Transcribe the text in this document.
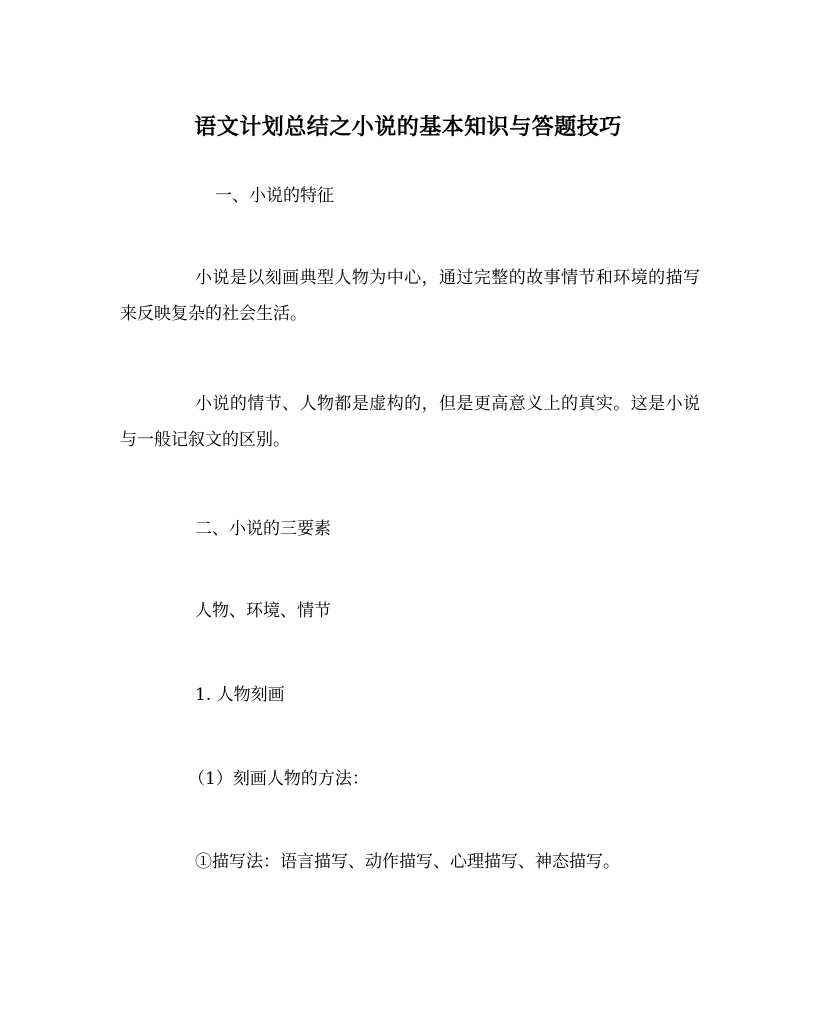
语文计划总结之小说的基本知识与答题技巧
一、小说的特征
小说是以刻画典型人物为中心，通过完整的故事情节和环境的描写来反映复杂的社会生活。
小说的情节、人物都是虚构的，但是更高意义上的真实。这是小说与一般记叙文的区别。
二、小说的三要素
人物、环境、情节
1. 人物刻画
（1）刻画人物的方法：
①描写法：语言描写、动作描写、心理描写、神态描写。
